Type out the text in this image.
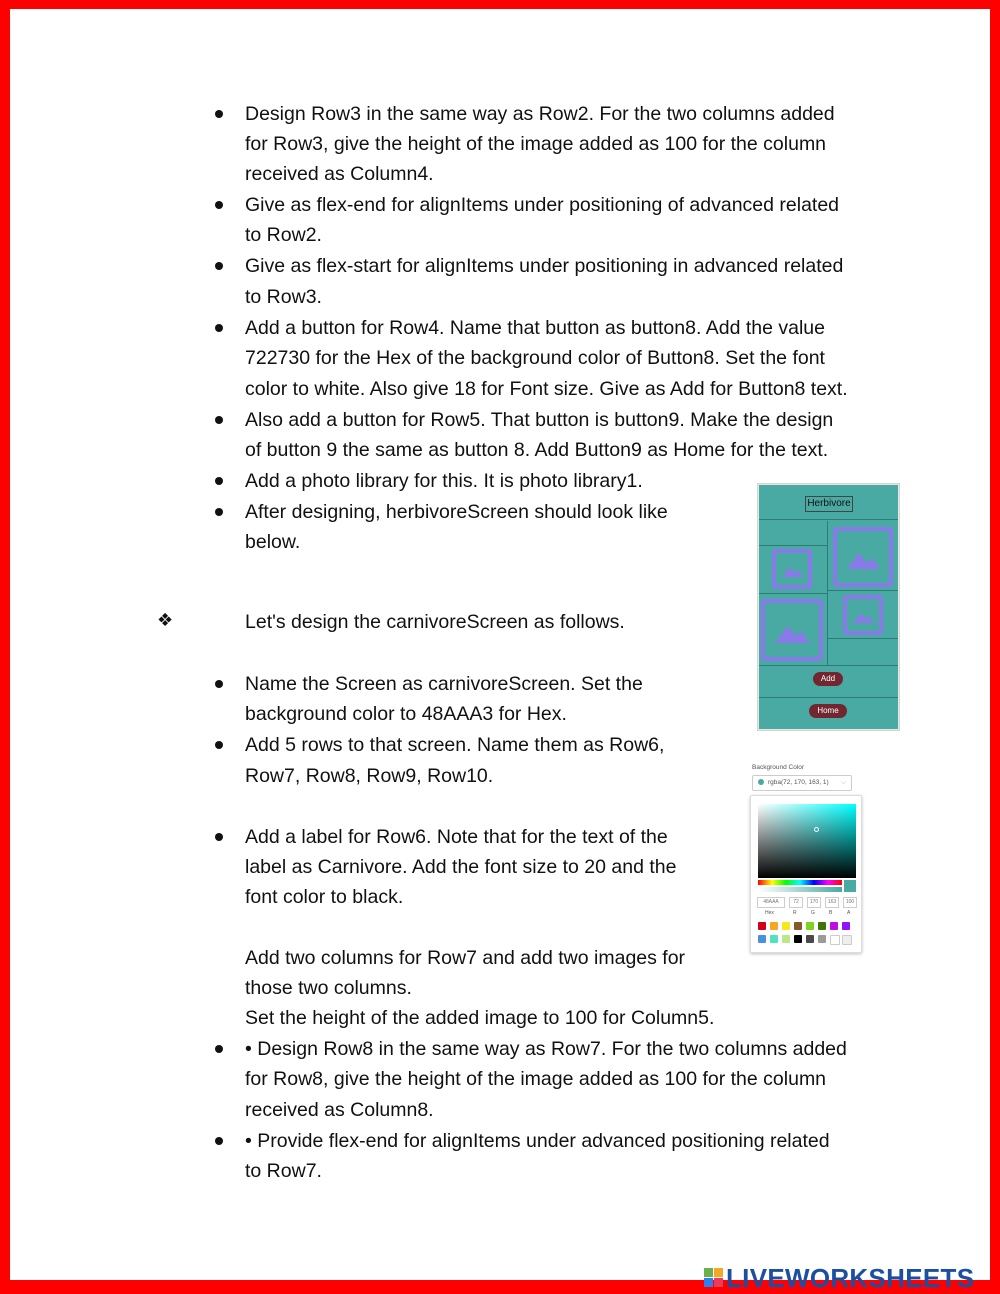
Design Row3 in the same way as Row2. For the two columns added
for Row3, give the height of the image added as 100 for the column
received as Column4.
Give as flex-end for alignItems under positioning of advanced related
to Row2.
Give as flex-start for alignItems under positioning in advanced related
to Row3.
Add a button for Row4. Name that button as button8. Add the value
722730 for the Hex of the background color of Button8. Set the font
color to white. Also give 18 for Font size. Give as Add for Button8 text.
Also add a button for Row5. That button is button9. Make the design
of button 9 the same as button 8. Add Button9 as Home for the text.
Add a photo library for this. It is photo library1.
After designing, herbivoreScreen should look like
below.
Let's design the carnivoreScreen as follows.
Name the Screen as carnivoreScreen. Set the
background color to 48AAA3 for Hex.
Add 5 rows to that screen. Name them as Row6,
Row7, Row8, Row9, Row10.
Add a label for Row6. Note that for the text of the
label as Carnivore. Add the font size to 20 and the
font color to black.
Add two columns for Row7 and add two images for
those two columns.
Set the height of the added image to 100 for Column5.
• Design Row8 in the same way as Row7. For the two columns added
for Row8, give the height of the image added as 100 for the column
received as Column8.
• Provide flex-end for alignItems under advanced positioning related
to Row7.
❖
Herbivore
Add
Home
Background Color
rgba(72, 170, 163, 1) ⌵
48AAA	72	170	163	100
Hex	R	G	B	A
LIVEWORKSHEETS
